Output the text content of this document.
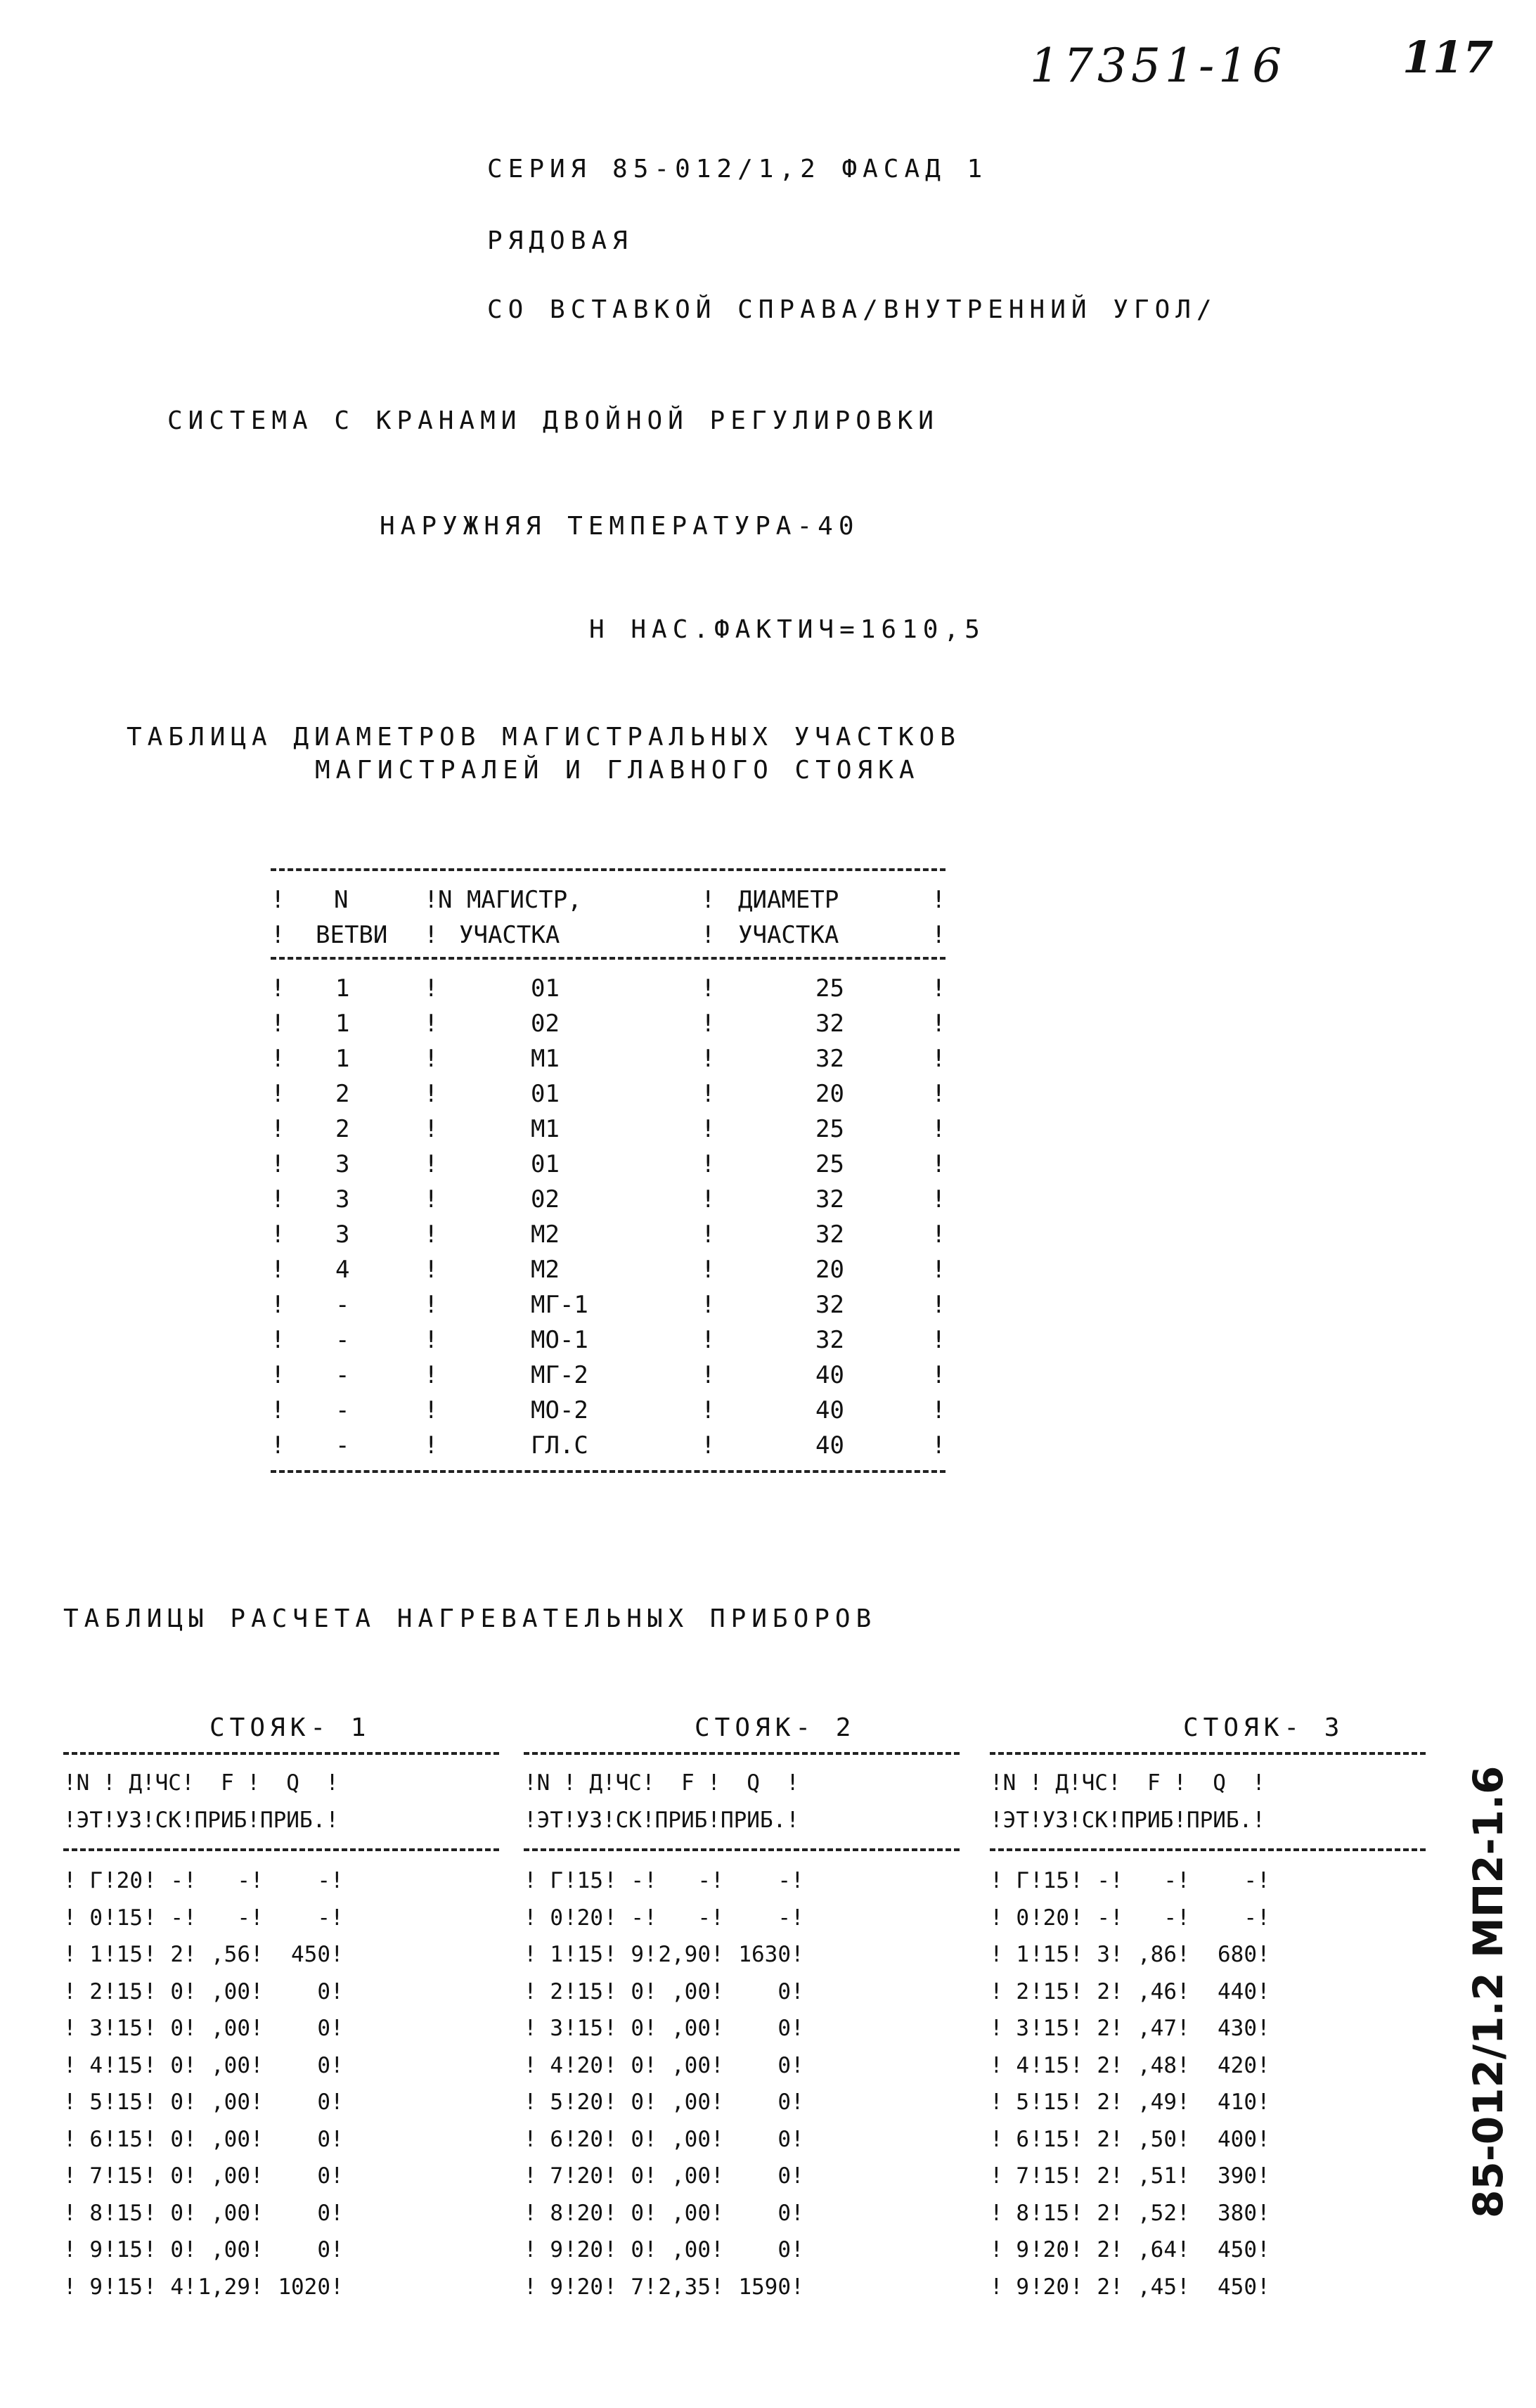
17351-16	117
СЕРИЯ 85-012/1,2 ФАСАД 1
РЯДОВАЯ
СО ВСТАВКОЙ СПРАВА/ВНУТРЕННИЙ УГОЛ/
СИСТЕМА С КРАНАМИ ДВОЙНОЙ РЕГУЛИРОВКИ
НАРУЖНЯЯ ТЕМПЕРАТУРА-40
Н НАС.ФАКТИЧ=1610,5
ТАБЛИЦА ДИАМЕТРОВ МАГИСТРАЛЬНЫХ УЧАСТКОВ
МАГИСТРАЛЕЙ И ГЛАВНОГО СТОЯКА
! N	! N МАГИСТР,	! ДИАМЕТР	!
! ВЕТВИ ! УЧАСТКА	! УЧАСТКА	!
! 1	!	01	!	25	!
! 1	!	02	!	32	!
! 1	!	М1	!	32	!
! 2	!	01	!	20	!
! 2	!	М1	!	25	!
! 3	!	01	!	25	!
! 3	!	02	!	32	!
! 3	!	М2	!	32	!
! 4	!	М2	!	20	!
! -	!	МГ-1	!	32	!
! -	!	МО-1	!	32	!
! -	!	МГ-2	!	40	!
! -	!	МО-2	!	40	!
! -	!	ГЛ.С	!	40	!
ТАБЛИЦЫ РАСЧЕТА НАГРЕВАТЕЛЬНЫХ ПРИБОРОВ
СТОЯК- 1
!N ! Д!ЧС!  F !  Q  !
!ЭТ!УЗ!СК!ПРИБ!ПРИБ.!
! Г ! 20 ! - !	- !	- !
! 0 ! 15 ! - !	- !	- !
! 1 ! 15 ! 2 ! ,56 !	450 !
! 2 ! 15 ! 0 ! ,00 !	0 !
! 3 ! 15 ! 0 ! ,00 !	0 !
! 4 ! 15 ! 0 ! ,00 !	0 !
! 5 ! 15 ! 0 ! ,00 !	0 !
! 6 ! 15 ! 0 ! ,00 !	0 !
! 7 ! 15 ! 0 ! ,00 !	0 !
! 8 ! 15 ! 0 ! ,00 !	0 !
! 9 ! 15 ! 0 ! ,00 !	0 !
! 9 ! 15 ! 4 ! 1,29 ! 1020 !
СТОЯК- 2
!N ! Д!ЧС!  F !  Q  !
!ЭТ!УЗ!СК!ПРИБ!ПРИБ.!
! Г ! 15 ! - !	- !	- !
! 0 ! 20 ! - !	- !	- !
! 1 ! 15 ! 9 ! 2,90 ! 1630 !
! 2 ! 15 ! 0 ! ,00 !	0 !
! 3 ! 15 ! 0 ! ,00 !	0 !
! 4 ! 20 ! 0 ! ,00 !	0 !
! 5 ! 20 ! 0 ! ,00 !	0 !
! 6 ! 20 ! 0 ! ,00 !	0 !
! 7 ! 20 ! 0 ! ,00 !	0 !
! 8 ! 20 ! 0 ! ,00 !	0 !
! 9 ! 20 ! 0 ! ,00 !	0 !
! 9 ! 20 ! 7 ! 2,35 ! 1590 !
СТОЯК- 3
!N ! Д!ЧС!  F !  Q  !
!ЭТ!УЗ!СК!ПРИБ!ПРИБ.!
! Г ! 15 ! - !	- !	- !
! 0 ! 20 ! - !	- !	- !
! 1 ! 15 ! 3 ! ,86 !	680 !
! 2 ! 15 ! 2 ! ,46 !	440 !
! 3 ! 15 ! 2 ! ,47 !	430 !
! 4 ! 15 ! 2 ! ,48 !	420 !
! 5 ! 15 ! 2 ! ,49 !	410 !
! 6 ! 15 ! 2 ! ,50 !	400 !
! 7 ! 15 ! 2 ! ,51 !	390 !
! 8 ! 15 ! 2 ! ,52 !	380 !
! 9 ! 20 ! 2 ! ,64 !	450 !
! 9 ! 20 ! 2 ! ,45 !	450 !
85-012/1.2 МП2-1.6
